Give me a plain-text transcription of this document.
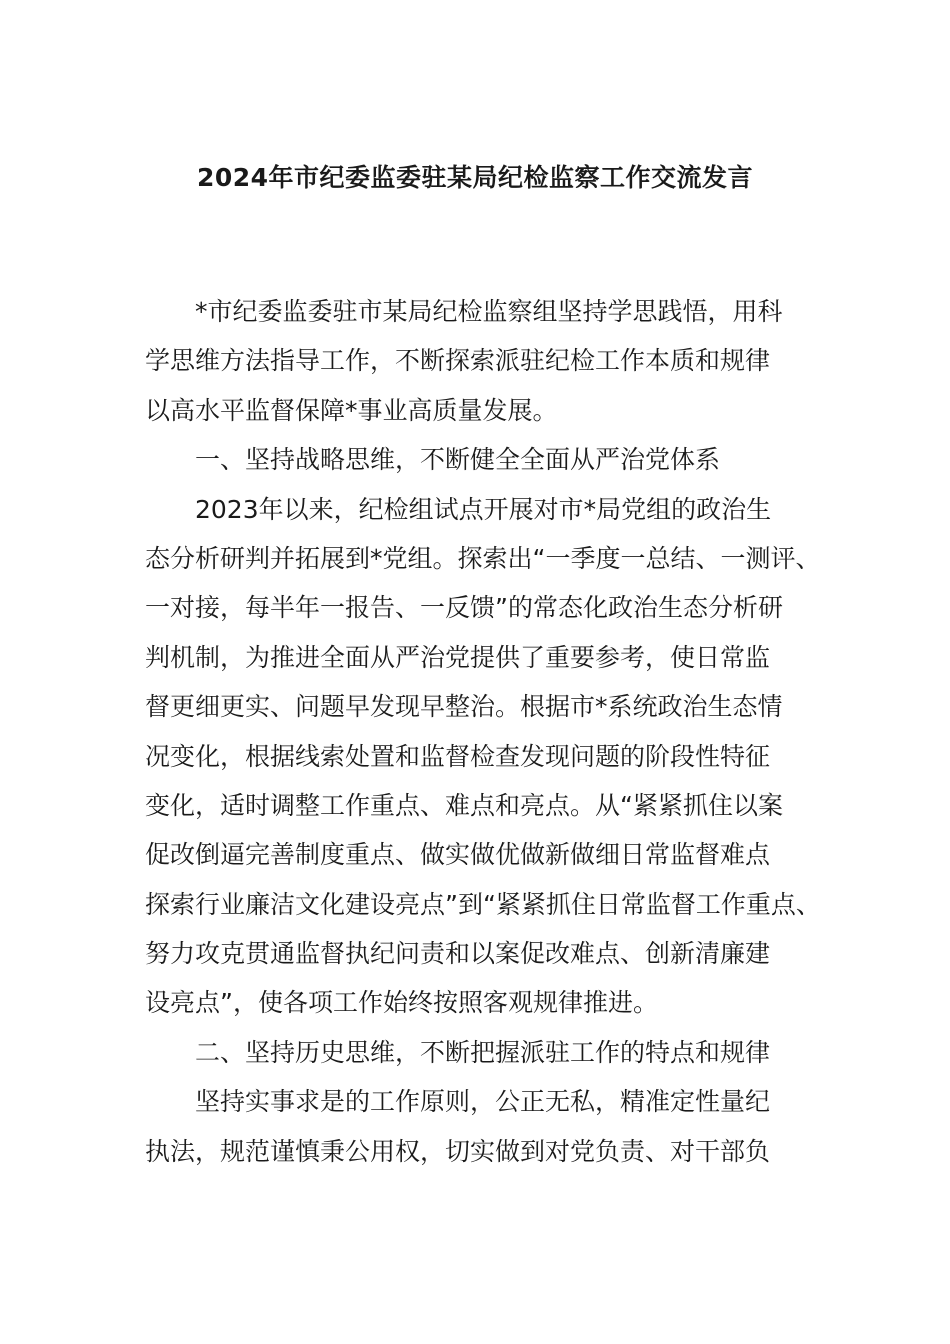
2024年市纪委监委驻某局纪检监察工作交流发言
　　*市纪委监委驻市某局纪检监察组坚持学思践悟，用科
学思维方法指导工作，不断探索派驻纪检工作本质和规律
以高水平监督保障*事业高质量发展。
　　一、坚持战略思维，不断健全全面从严治党体系
　　2023年以来，纪检组试点开展对市*局党组的政治生
态分析研判并拓展到*党组。探索出“一季度一总结、一测评、
一对接，每半年一报告、一反馈”的常态化政治生态分析研
判机制，为推进全面从严治党提供了重要参考，使日常监
督更细更实、问题早发现早整治。根据市*系统政治生态情
况变化，根据线索处置和监督检查发现问题的阶段性特征
变化，适时调整工作重点、难点和亮点。从“紧紧抓住以案
促改倒逼完善制度重点、做实做优做新做细日常监督难点
探索行业廉洁文化建设亮点”到“紧紧抓住日常监督工作重点、
努力攻克贯通监督执纪问责和以案促改难点、创新清廉建
设亮点”，使各项工作始终按照客观规律推进。
　　二、坚持历史思维，不断把握派驻工作的特点和规律
　　坚持实事求是的工作原则，公正无私，精准定性量纪
执法，规范谨慎秉公用权，切实做到对党负责、对干部负
